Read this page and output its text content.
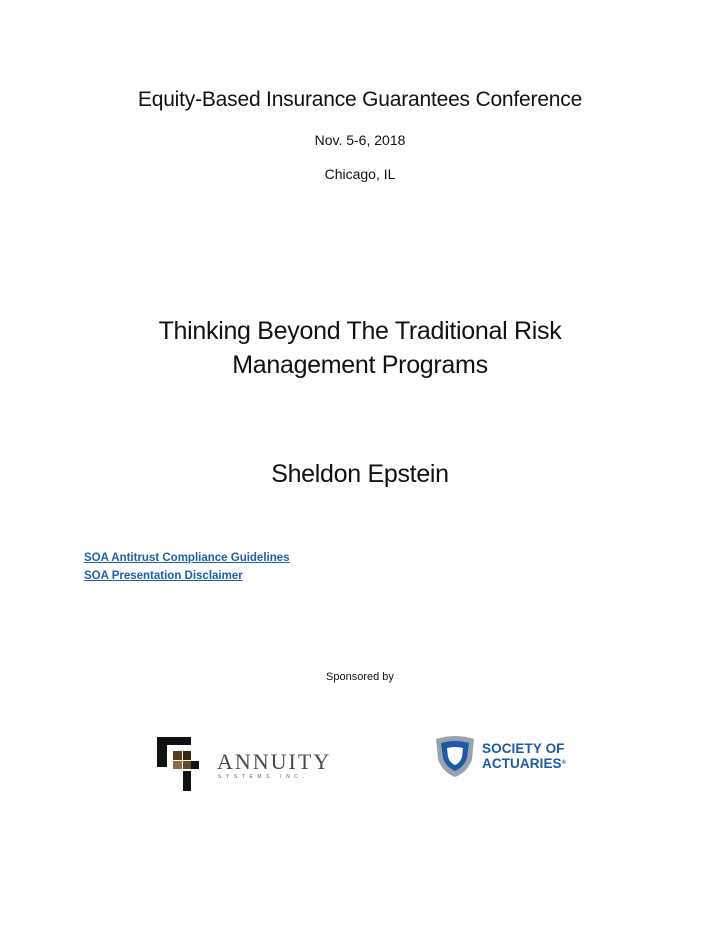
Equity-Based Insurance Guarantees Conference
Nov. 5-6, 2018
Chicago, IL
Thinking Beyond The Traditional Risk
Management Programs
Sheldon Epstein
SOA Antitrust Compliance Guidelines
SOA Presentation Disclaimer
Sponsored by
ANNUITY
SYSTEMS INC.
SOCIETY OF
ACTUARIES®
